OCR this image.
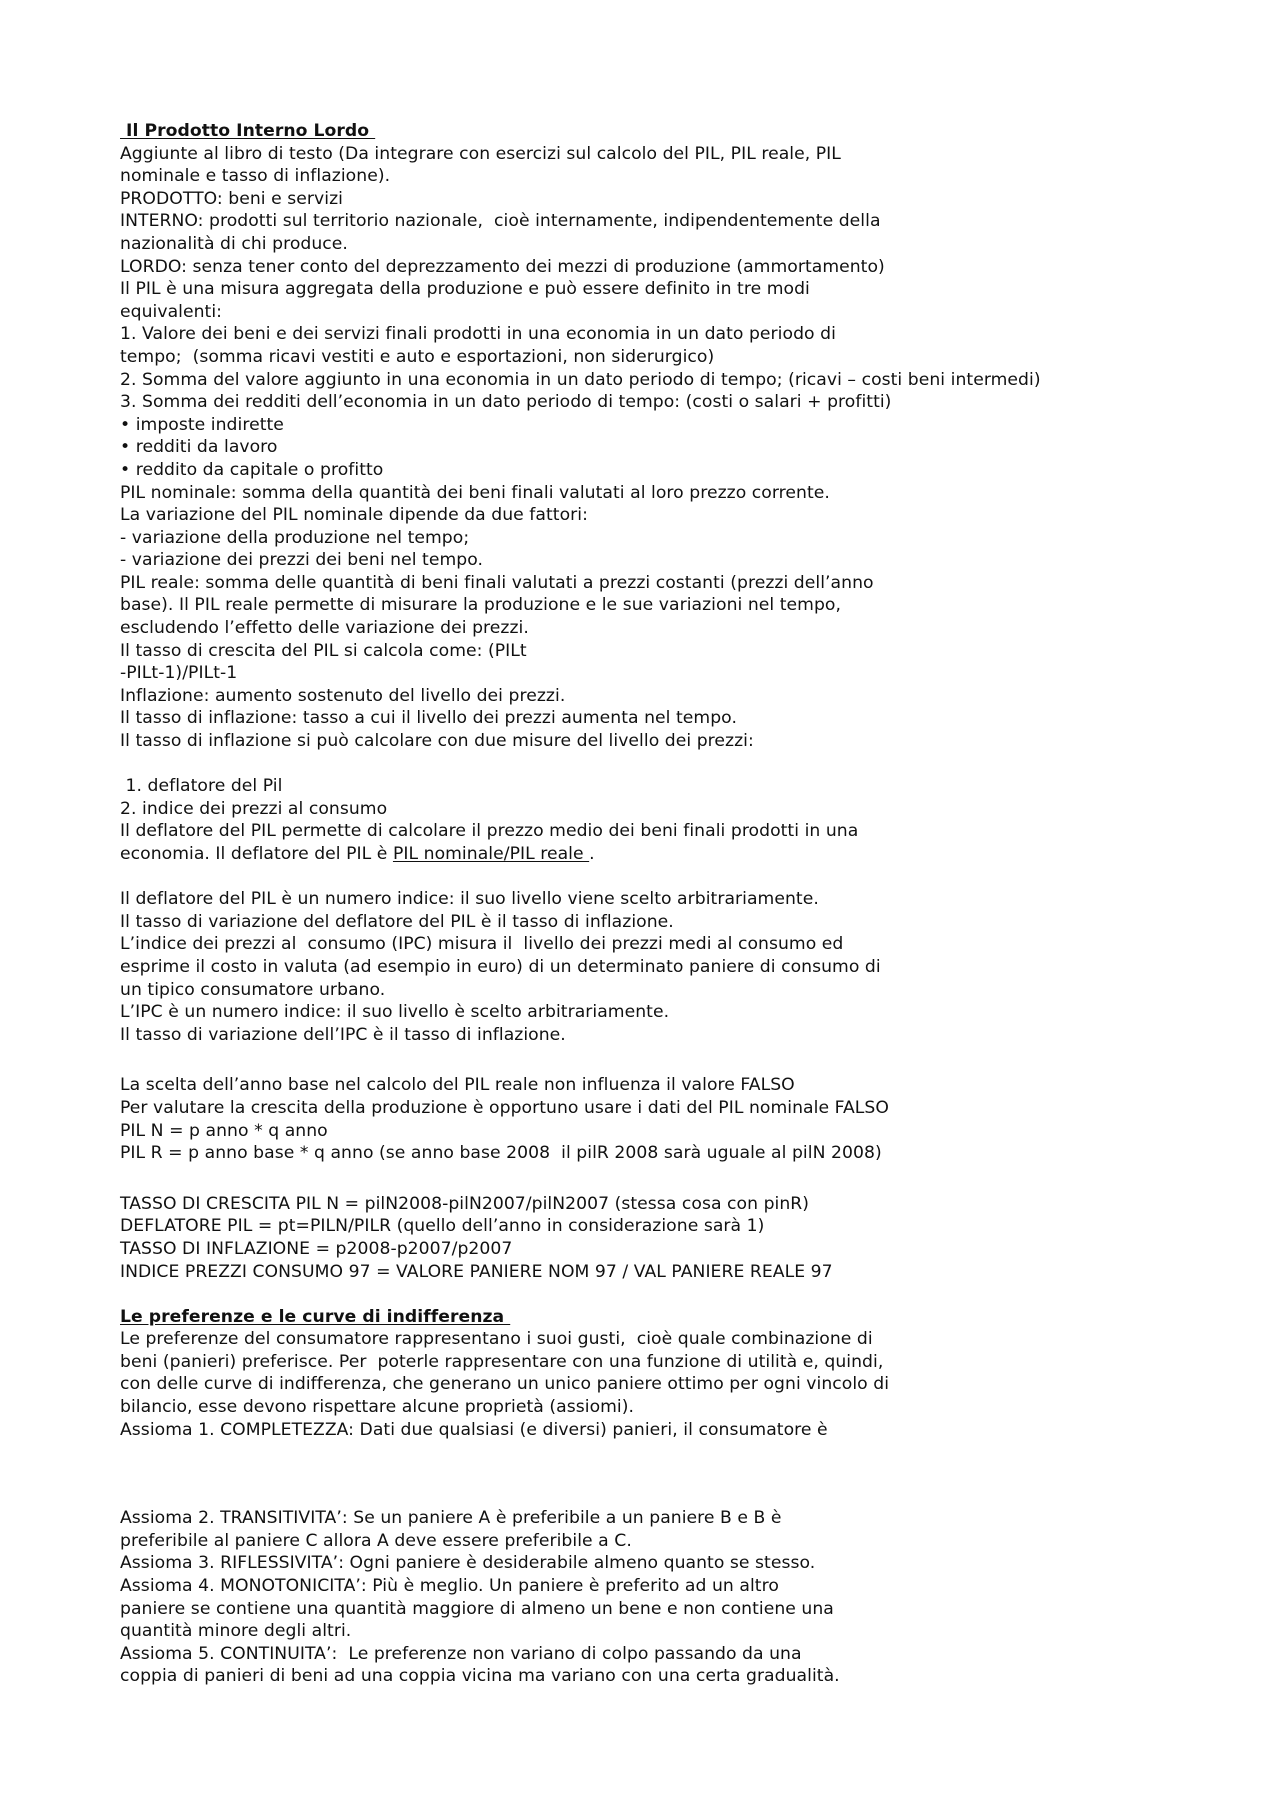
Il Prodotto Interno Lordo
Aggiunte al libro di testo (Da integrare con esercizi sul calcolo del PIL, PIL reale, PIL
nominale e tasso di inflazione).
PRODOTTO: beni e servizi
INTERNO: prodotti sul territorio nazionale,  cioè internamente, indipendentemente della
nazionalità di chi produce.
LORDO: senza tener conto del deprezzamento dei mezzi di produzione (ammortamento)
Il PIL è una misura aggregata della produzione e può essere definito in tre modi
equivalenti:
1. Valore dei beni e dei servizi finali prodotti in una economia in un dato periodo di
tempo;  (somma ricavi vestiti e auto e esportazioni, non siderurgico)
2. Somma del valore aggiunto in una economia in un dato periodo di tempo; (ricavi – costi beni intermedi)
3. Somma dei redditi dell’economia in un dato periodo di tempo: (costi o salari + profitti)
• imposte indirette
• redditi da lavoro
• reddito da capitale o profitto
PIL nominale: somma della quantità dei beni finali valutati al loro prezzo corrente.
La variazione del PIL nominale dipende da due fattori:
- variazione della produzione nel tempo;
- variazione dei prezzi dei beni nel tempo.
PIL reale: somma delle quantità di beni finali valutati a prezzi costanti (prezzi dell’anno
base). Il PIL reale permette di misurare la produzione e le sue variazioni nel tempo,
escludendo l’effetto delle variazione dei prezzi.
Il tasso di crescita del PIL si calcola come: (PILt
-PILt-1)/PILt-1
Inflazione: aumento sostenuto del livello dei prezzi.
Il tasso di inflazione: tasso a cui il livello dei prezzi aumenta nel tempo.
Il tasso di inflazione si può calcolare con due misure del livello dei prezzi:
1. deflatore del Pil
2. indice dei prezzi al consumo
Il deflatore del PIL permette di calcolare il prezzo medio dei beni finali prodotti in una
economia. Il deflatore del PIL è PIL nominale/PIL reale .
Il deflatore del PIL è un numero indice: il suo livello viene scelto arbitrariamente.
Il tasso di variazione del deflatore del PIL è il tasso di inflazione.
L’indice dei prezzi al  consumo (IPC) misura il  livello dei prezzi medi al consumo ed
esprime il costo in valuta (ad esempio in euro) di un determinato paniere di consumo di
un tipico consumatore urbano.
L’IPC è un numero indice: il suo livello è scelto arbitrariamente.
Il tasso di variazione dell’IPC è il tasso di inflazione.
La scelta dell’anno base nel calcolo del PIL reale non influenza il valore FALSO
Per valutare la crescita della produzione è opportuno usare i dati del PIL nominale FALSO
PIL N = p anno * q anno
PIL R = p anno base * q anno (se anno base 2008  il pilR 2008 sarà uguale al pilN 2008)
TASSO DI CRESCITA PIL N = pilN2008-pilN2007/pilN2007 (stessa cosa con pinR)
DEFLATORE PIL = pt=PILN/PILR (quello dell’anno in considerazione sarà 1)
TASSO DI INFLAZIONE = p2008-p2007/p2007
INDICE PREZZI CONSUMO 97 = VALORE PANIERE NOM 97 / VAL PANIERE REALE 97
Le preferenze e le curve di indifferenza
Le preferenze del consumatore rappresentano i suoi gusti,  cioè quale combinazione di
beni (panieri) preferisce. Per  poterle rappresentare con una funzione di utilità e, quindi,
con delle curve di indifferenza, che generano un unico paniere ottimo per ogni vincolo di
bilancio, esse devono rispettare alcune proprietà (assiomi).
Assioma 1. COMPLETEZZA: Dati due qualsiasi (e diversi) panieri, il consumatore è
Assioma 2. TRANSITIVITA’: Se un paniere A è preferibile a un paniere B e B è
preferibile al paniere C allora A deve essere preferibile a C.
Assioma 3. RIFLESSIVITA’: Ogni paniere è desiderabile almeno quanto se stesso.
Assioma 4. MONOTONICITA’: Più è meglio. Un paniere è preferito ad un altro
paniere se contiene una quantità maggiore di almeno un bene e non contiene una
quantità minore degli altri.
Assioma 5. CONTINUITA’:  Le preferenze non variano di colpo passando da una
coppia di panieri di beni ad una coppia vicina ma variano con una certa gradualità.
